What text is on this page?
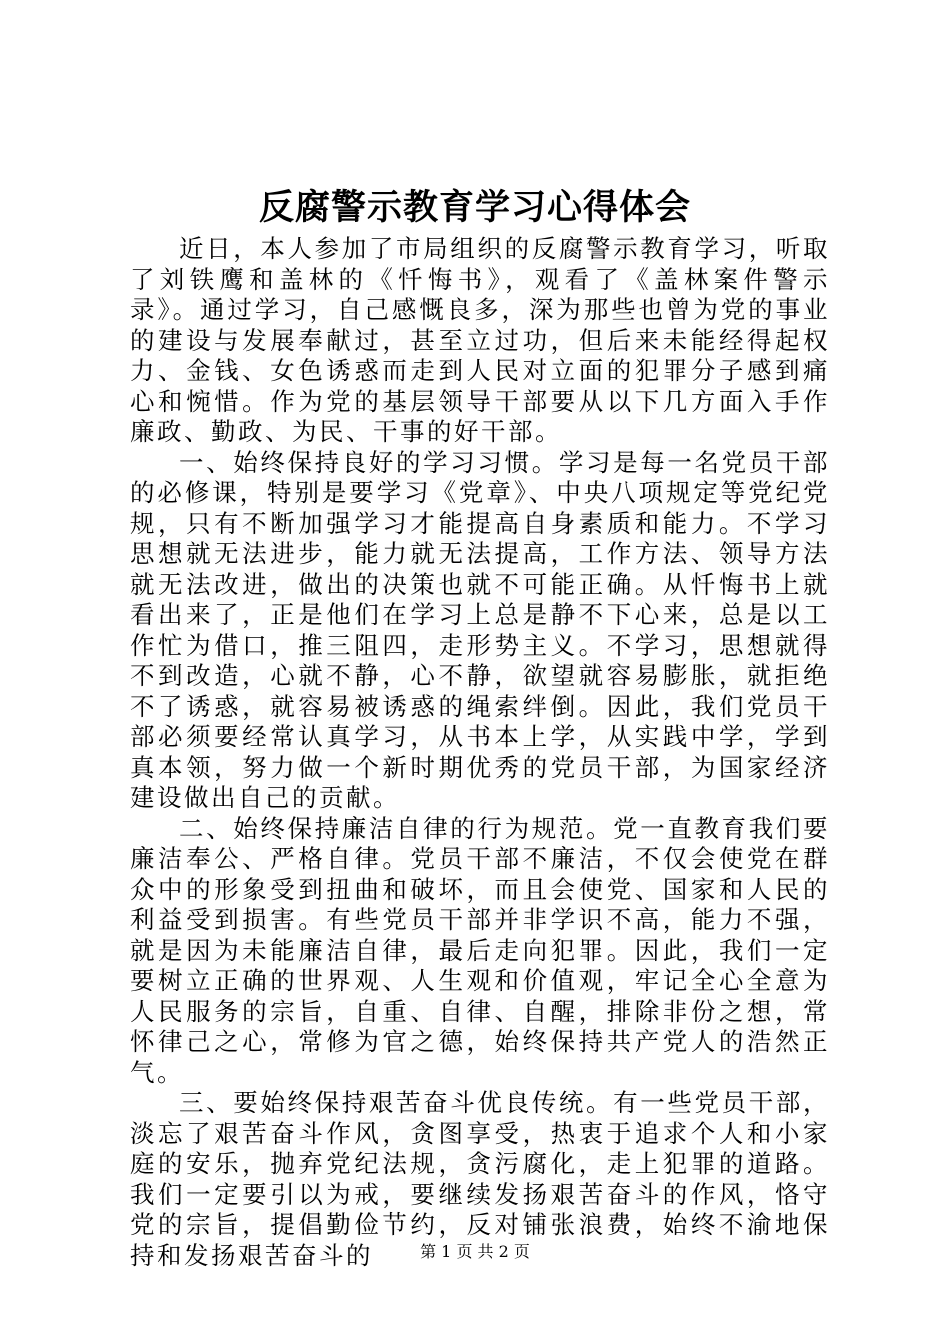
反腐警示教育学习心得体会

近日，本人参加了市局组织的反腐警示教育学习，听取了刘铁鹰和盖林的《忏悔书》，观看了《盖林案件警示录》。通过学习，自己感慨良多，深为那些也曾为党的事业的建设与发展奉献过，甚至立过功，但后来未能经得起权力、金钱、女色诱惑而走到人民对立面的犯罪分子感到痛心和惋惜。作为党的基层领导干部要从以下几方面入手作廉政、勤政、为民、干事的好干部。

一、始终保持良好的学习习惯。学习是每一名党员干部的必修课，特别是要学习《党章》、中央八项规定等党纪党规，只有不断加强学习才能提高自身素质和能力。不学习思想就无法进步，能力就无法提高，工作方法、领导方法就无法改进，做出的决策也就不可能正确。从忏悔书上就看出来了，正是他们在学习上总是静不下心来，总是以工作忙为借口，推三阻四，走形势主义。不学习，思想就得不到改造，心就不静，心不静，欲望就容易膨胀，就拒绝不了诱惑，就容易被诱惑的绳索绊倒。因此，我们党员干部必须要经常认真学习，从书本上学，从实践中学，学到真本领，努力做一个新时期优秀的党员干部，为国家经济建设做出自己的贡献。

二、始终保持廉洁自律的行为规范。党一直教育我们要廉洁奉公、严格自律。党员干部不廉洁，不仅会使党在群众中的形象受到扭曲和破坏，而且会使党、国家和人民的利益受到损害。有些党员干部并非学识不高，能力不强，就是因为未能廉洁自律，最后走向犯罪。因此，我们一定要树立正确的世界观、人生观和价值观，牢记全心全意为人民服务的宗旨，自重、自律、自醒，排除非份之想，常怀律己之心，常修为官之德，始终保持共产党人的浩然正气。

三、要始终保持艰苦奋斗优良传统。有一些党员干部，淡忘了艰苦奋斗作风，贪图享受，热衷于追求个人和小家庭的安乐，抛弃党纪法规，贪污腐化，走上犯罪的道路。我们一定要引以为戒，要继续发扬艰苦奋斗的作风，恪守党的宗旨，提倡勤俭节约，反对铺张浪费，始终不渝地保持和发扬艰苦奋斗的	第 1 页 共 2 页
